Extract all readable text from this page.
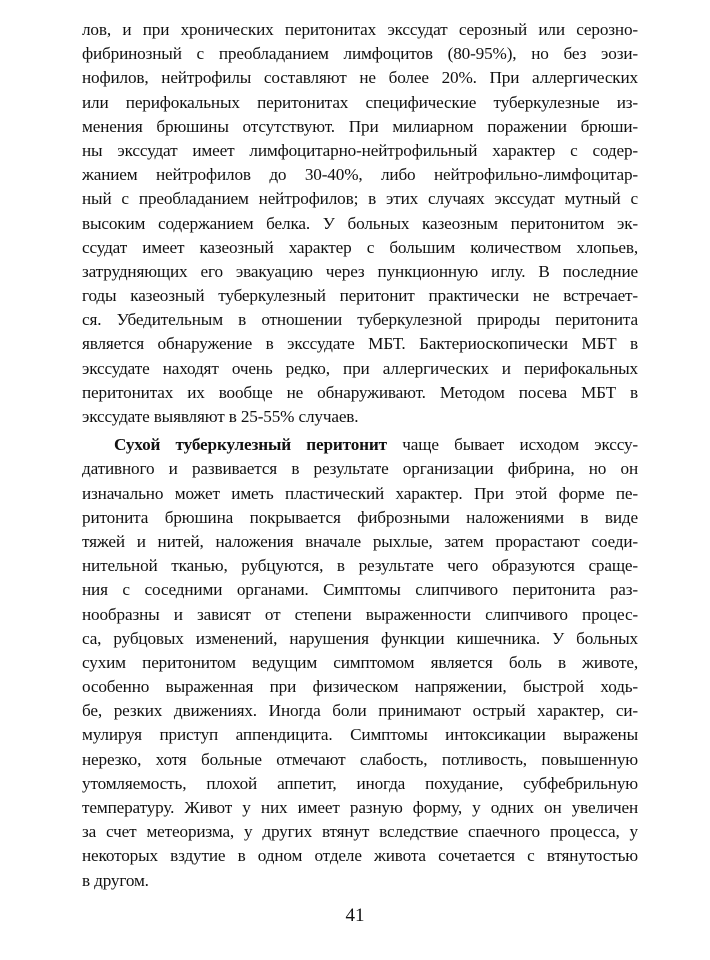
лов, и при хронических перитонитах экссудат серозный или серозно-
фибринозный с преобладанием лимфоцитов (80-95%), но без эози-
нофилов, нейтрофилы составляют не более 20%. При аллергических
или перифокальных перитонитах специфические туберкулезные из-
менения брюшины отсутствуют. При милиарном поражении брюши-
ны экссудат имеет лимфоцитарно-нейтрофильный характер с содер-
жанием нейтрофилов до 30-40%, либо нейтрофильно-лимфоцитар-
ный с преобладанием нейтрофилов; в этих случаях экссудат мутный с
высоким содержанием белка. У больных казеозным перитонитом эк-
ссудат имеет казеозный характер с большим количеством хлопьев,
затрудняющих его эвакуацию через пункционную иглу. В последние
годы казеозный туберкулезный перитонит практически не встречает-
ся. Убедительным в отношении туберкулезной природы перитонита
является обнаружение в экссудате МБТ. Бактериоскопически МБТ в
экссудате находят очень редко, при аллергических и перифокальных
перитонитах их вообще не обнаруживают. Методом посева МБТ в
экссудате выявляют в 25-55% случаев.
Сухой туберкулезный перитонит чаще бывает исходом экссу-
дативного и развивается в результате организации фибрина, но он
изначально может иметь пластический характер. При этой форме пе-
ритонита брюшина покрывается фиброзными наложениями в виде
тяжей и нитей, наложения вначале рыхлые, затем прорастают соеди-
нительной тканью, рубцуются, в результате чего образуются сраще-
ния с соседними органами. Симптомы слипчивого перитонита раз-
нообразны и зависят от степени выраженности слипчивого процес-
са, рубцовых изменений, нарушения функции кишечника. У больных
сухим перитонитом ведущим симптомом является боль в животе,
особенно выраженная при физическом напряжении, быстрой ходь-
бе, резких движениях. Иногда боли принимают острый характер, си-
мулируя приступ аппендицита. Симптомы интоксикации выражены
нерезко, хотя больные отмечают слабость, потливость, повышенную
утомляемость, плохой аппетит, иногда похудание, субфебрильную
температуру. Живот у них имеет разную форму, у одних он увеличен
за счет метеоризма, у других втянут вследствие спаечного процесса, у
некоторых вздутие в одном отделе живота сочетается с втянутостью
в другом.
41
